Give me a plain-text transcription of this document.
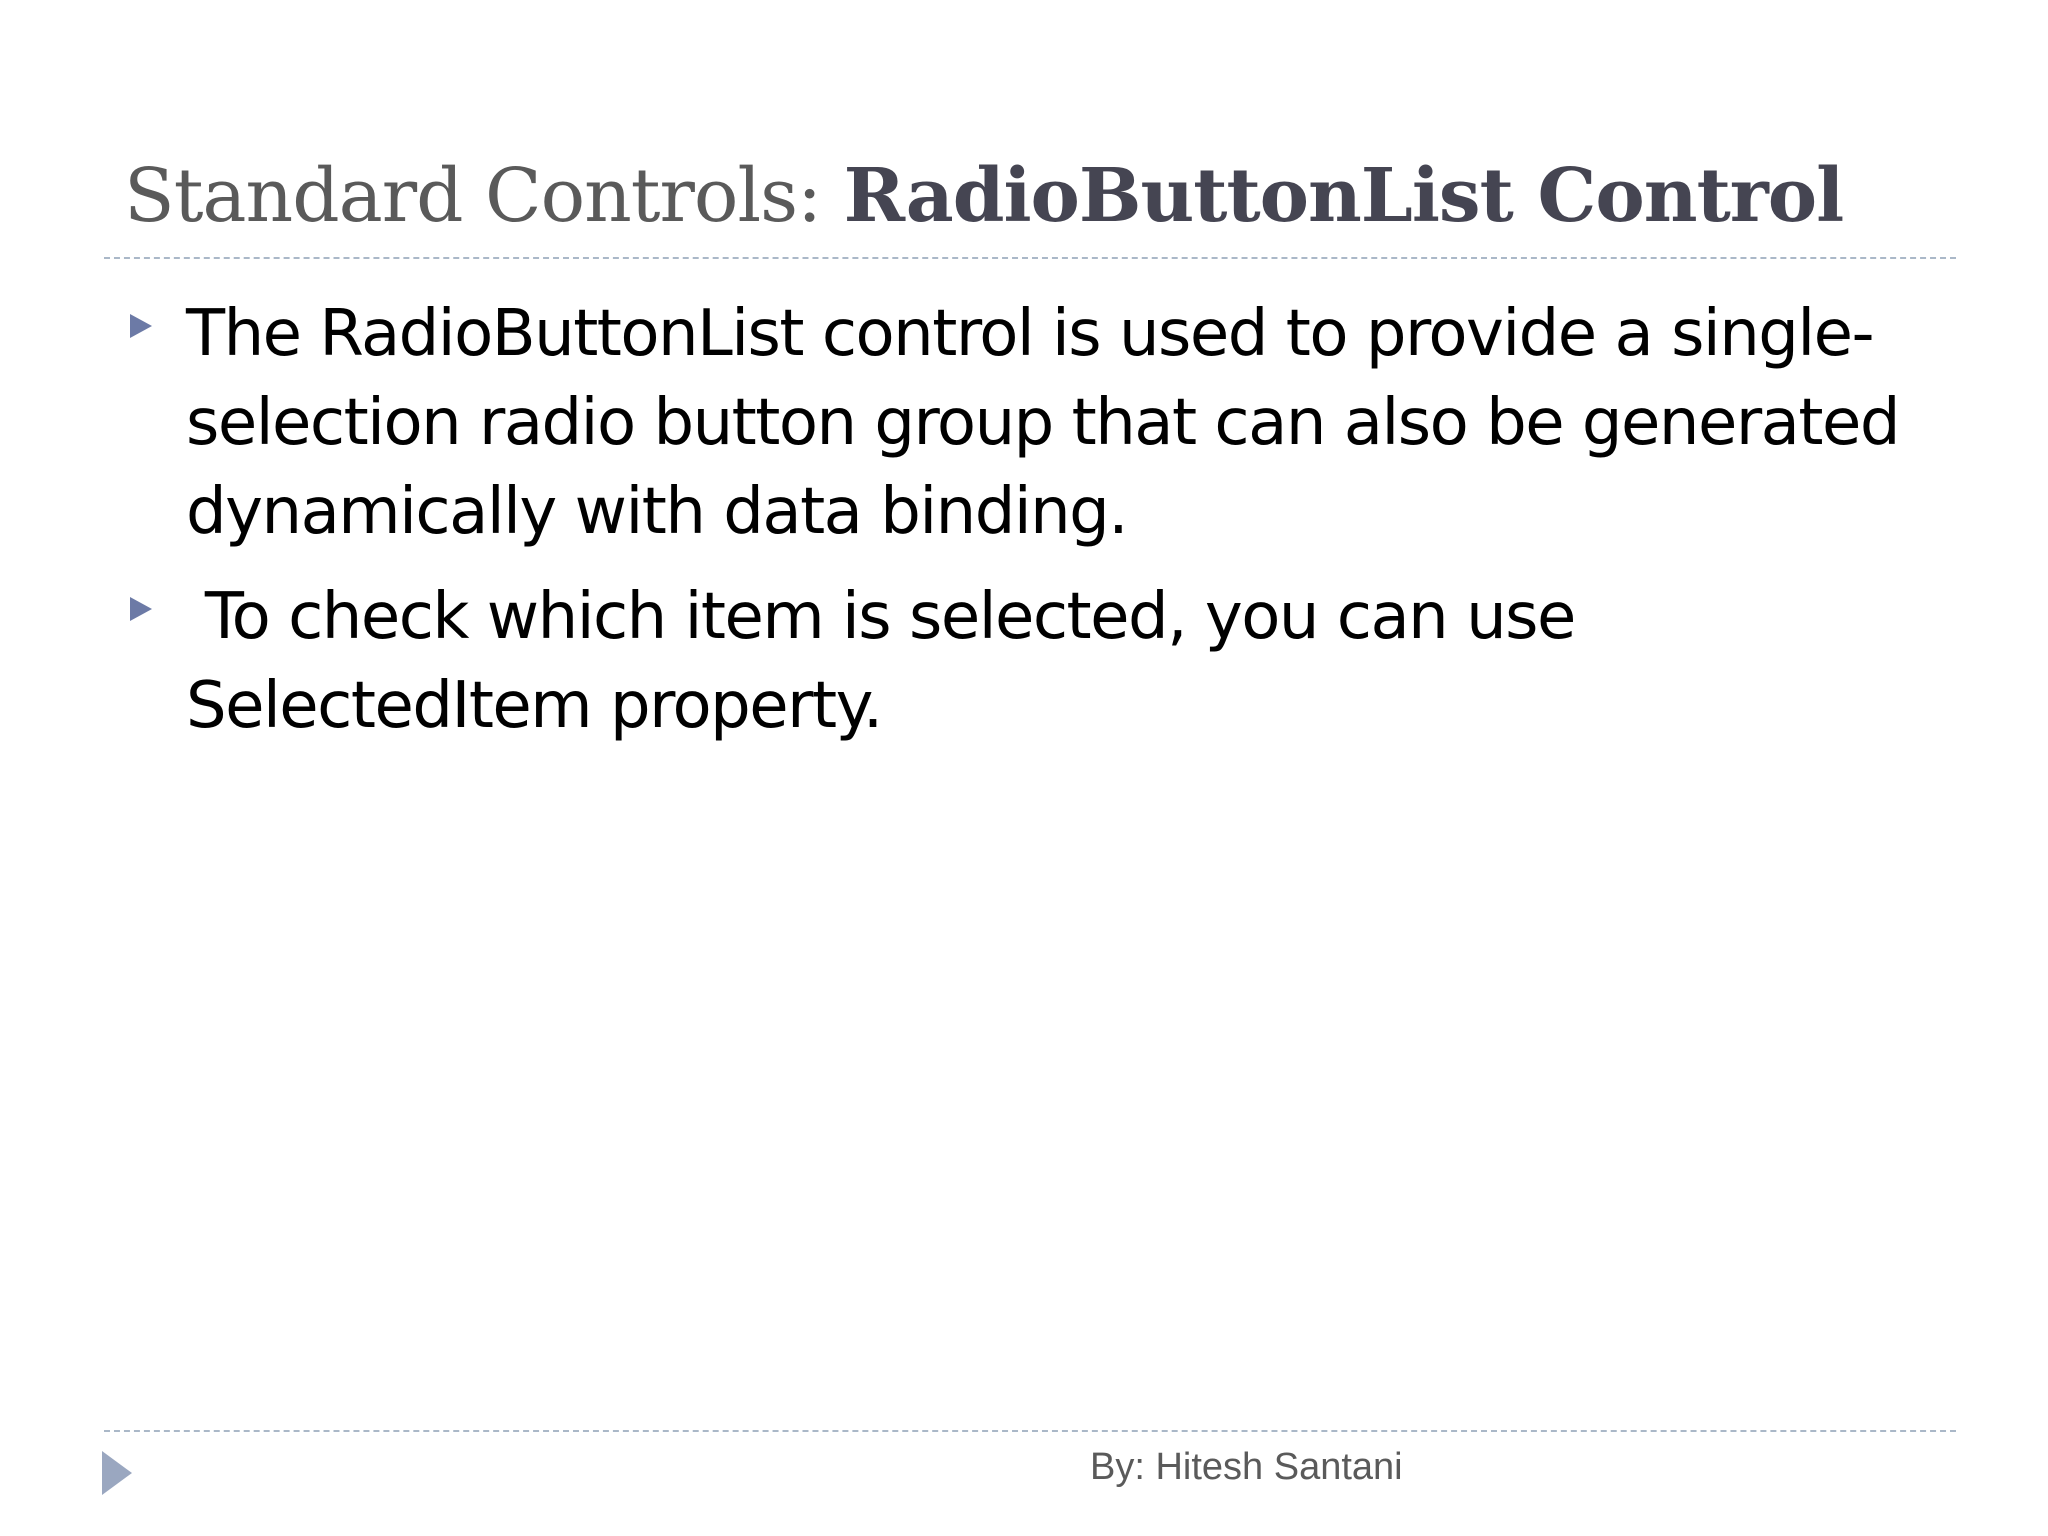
Standard Controls: RadioButtonList Control
The RadioButtonList control is used to provide a single-selection radio button group that can also be generated dynamically with data binding.
To check which item is selected, you can use SelectedItem property.
By: Hitesh Santani
